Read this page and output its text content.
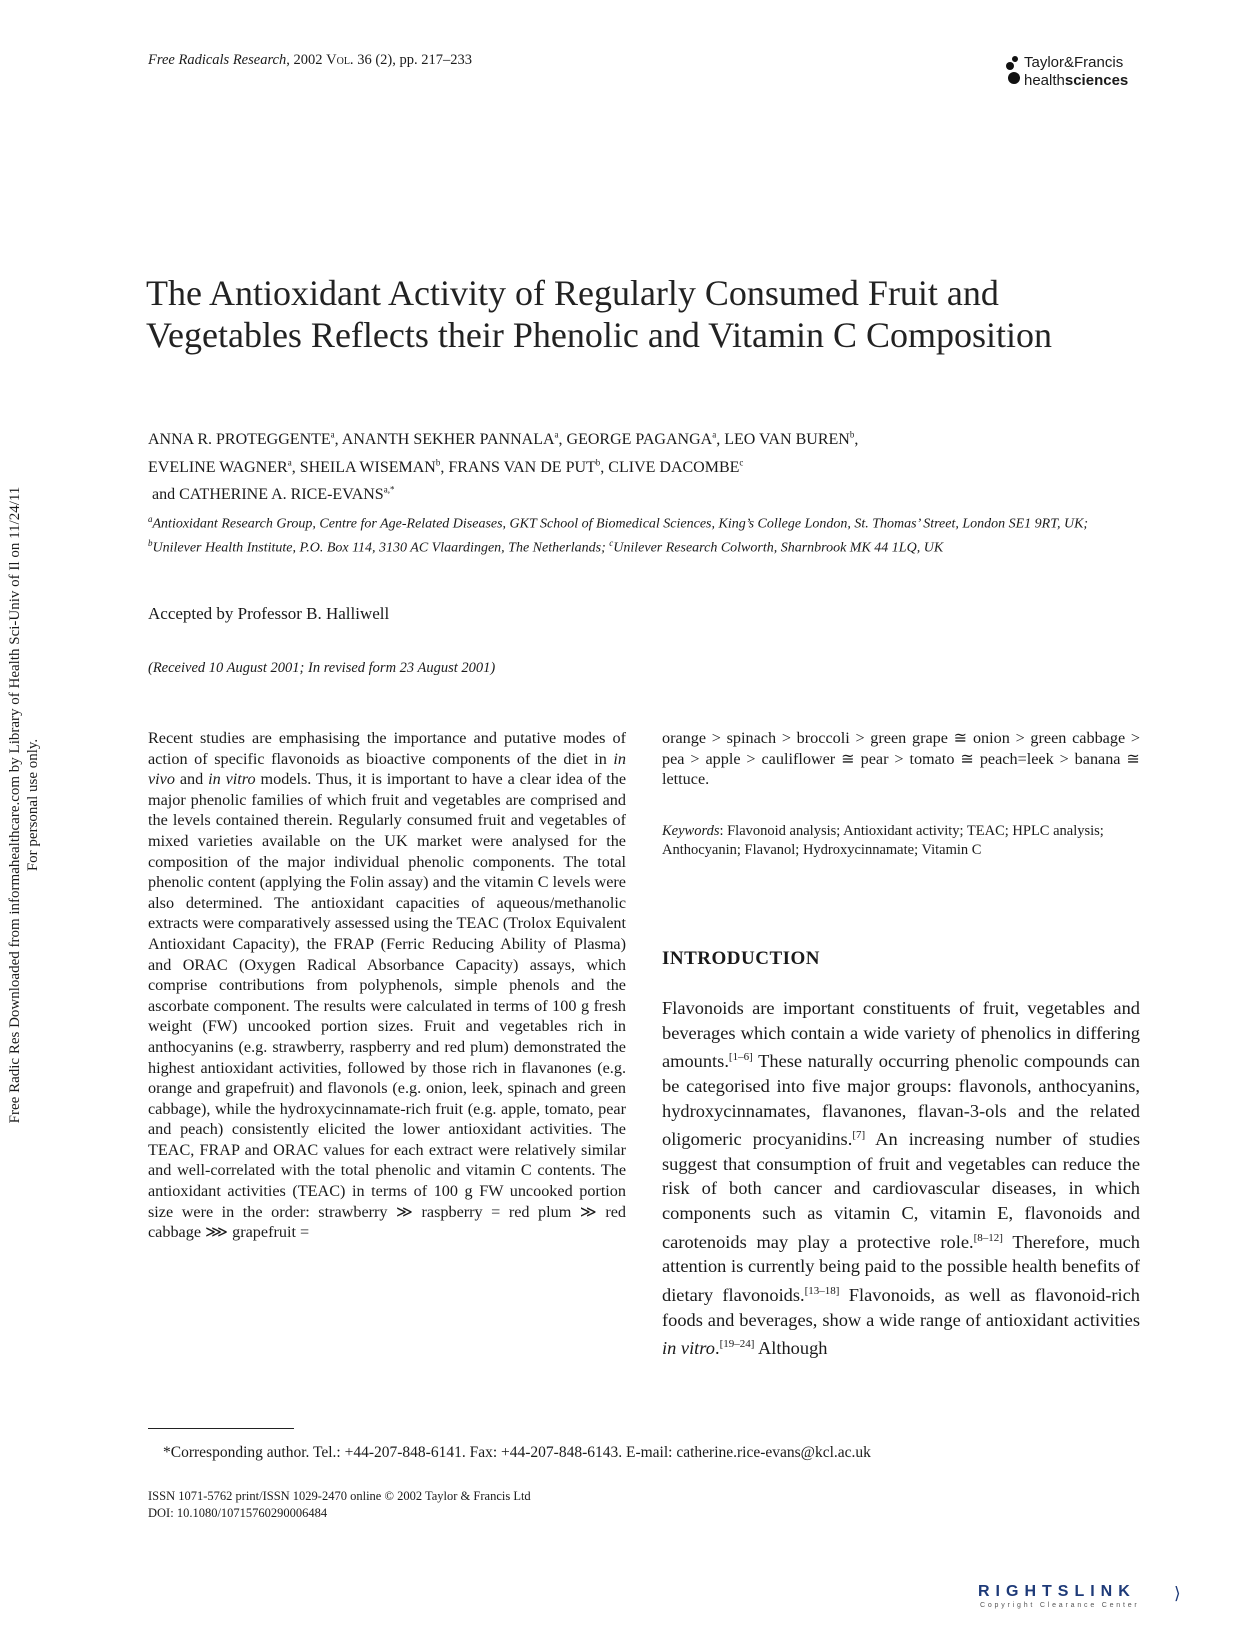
Free Radicals Research, 2002 Vol. 36 (2), pp. 217–233	Taylor&Francis
healthsciences
The Antioxidant Activity of Regularly Consumed Fruit and Vegetables Reflects their Phenolic and Vitamin C Composition
ANNA R. PROTEGGENTE$^a$, ANANTH SEKHER PANNALA$^a$, GEORGE PAGANGA$^a$, LEO VAN BUREN$^b$,
EVELINE WAGNER$^a$, SHEILA WISEMAN$^b$, FRANS VAN DE PUT$^b$, CLIVE DACOMBE$^c$
and CATHERINE A. RICE-$EVANS^{a,*}$
$^a$Antioxidant Research Group, Centre for Age-Related Diseases, GKT School of Biomedical Sciences, King’s College London, St. Thomas’ Street, London SE1 9RT, UK; $^b$Unilever Health Institute, P.O. Box 114, 3130 AC Vlaardingen, The Netherlands; $^c$Unilever Research Colworth, Sharnbrook MK 44 1LQ, UK
Accepted by Professor B. Halliwell
(Received 10 August 2001; In revised form 23 August 2001)
Recent studies are emphasising the importance and putative modes of action of specific flavonoids as bioactive components of the diet in in vivo and in vitro models. Thus, it is important to have a clear idea of the major phenolic families of which fruit and vegetables are comprised and the levels contained therein. Regularly consumed fruit and vegetables of mixed varieties available on the UK market were analysed for the composition of the major individual phenolic components. The total phenolic content (applying the Folin assay) and the vitamin C levels were also determined. The antioxidant capacities of aqueous/methanolic extracts were comparatively assessed using the TEAC (Trolox Equivalent Antioxidant Capacity), the FRAP (Ferric Reducing Ability of Plasma) and ORAC (Oxygen Radical Absorbance Capacity) assays, which comprise contributions from polyphenols, simple phenols and the ascorbate component. The results were calculated in terms of 100 g fresh weight (FW) uncooked portion sizes. Fruit and vegetables rich in anthocyanins (e.g. strawberry, raspberry and red plum) demonstrated the highest antioxidant activities, followed by those rich in flavanones (e.g. orange and grapefruit) and flavonols (e.g. onion, leek, spinach and green cabbage), while the hydroxycinnamate-rich fruit (e.g. apple, tomato, pear and peach) consistently elicited the lower antioxidant activities. The TEAC, FRAP and ORAC values for each extract were relatively similar and well-correlated with the total phenolic and vitamin C contents. The antioxidant activities (TEAC) in terms of 100 g FW uncooked portion size were in the order: strawberry ≫ raspberry = red plum ≫ red cabbage ⋙ grapefruit =
orange > spinach > broccoli > green grape ≅ onion > green cabbage > pea > apple > cauliflower ≅ pear > tomato ≅ peach=leek > banana ≅ lettuce.
Keywords: Flavonoid analysis; Antioxidant activity; TEAC; HPLC analysis; Anthocyanin; Flavanol; Hydroxycinnamate; Vitamin C
INTRODUCTION
Flavonoids are important constituents of fruit, vegetables and beverages which contain a wide variety of phenolics in differing amounts.[1–6] These naturally occurring phenolic compounds can be categorised into five major groups: flavonols, anthocyanins, hydroxycinnamates, flavanones, flavan-3-ols and the related oligomeric procyanidins.[7] An increasing number of studies suggest that consumption of fruit and vegetables can reduce the risk of both cancer and cardiovascular diseases, in which components such as vitamin C, vitamin E, flavonoids and carotenoids may play a protective role.[8–12] Therefore, much attention is currently being paid to the possible health benefits of dietary flavonoids.[13–18] Flavonoids, as well as flavonoid-rich foods and beverages, show a wide range of antioxidant activities in vitro.[19–24] Although
*Corresponding author. Tel.: +44-207-848-6141. Fax: +44-207-848-6143. E-mail: catherine.rice-evans@kcl.ac.uk
ISSN 1071-5762 print/ISSN 1029-2470 online © 2002 Taylor & Francis Ltd
DOI: 10.1080/10715760290006484
Free Radic Res Downloaded from informahealthcare.com by Library of Health Sci-Univ of Il on 11/24/11 For personal use only.
RIGHTSLINK ⟩
Copyright Clearance Center
